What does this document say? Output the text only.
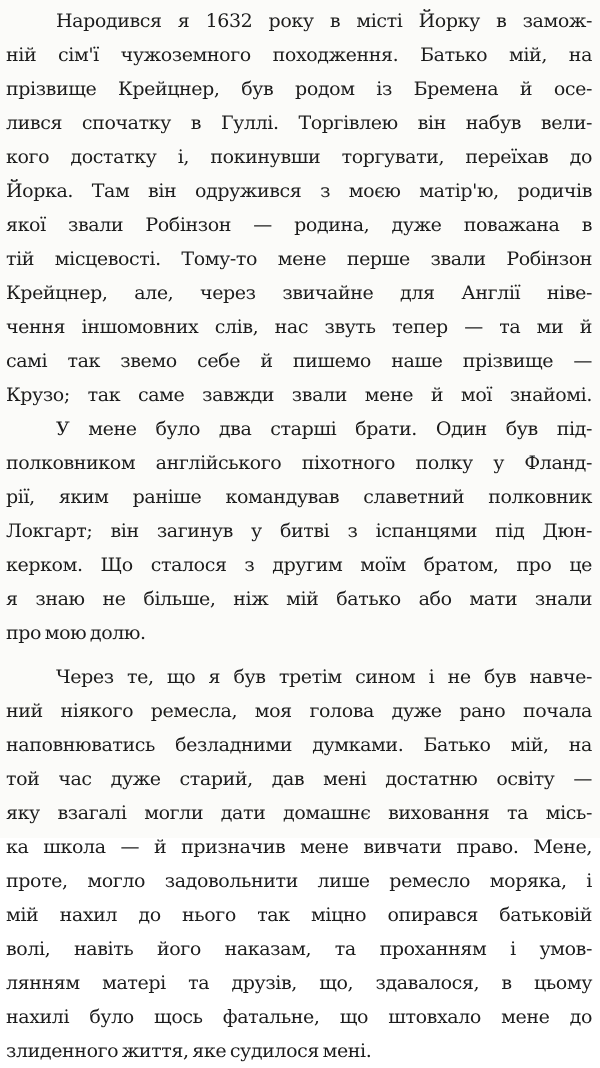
Народився я 1632 року в місті Йорку в замож-
ній сім'ї чужоземного походження. Батько мій, на
прізвище Крейцнер, був родом із Бремена й осе-
лився спочатку в Гуллі. Торгівлею він набув вели-
кого достатку і, покинувши торгувати, переїхав до
Йорка. Там він одружився з моєю матір'ю, родичів
якої звали Робінзон — родина, дуже поважана в
тій місцевості. Тому-то мене перше звали Робінзон
Крейцнер, але, через звичайне для Англії ніве-
чення іншомовних слів, нас звуть тепер — та ми й
самі так звемо себе й пишемо наше прізвище —
Крузо; так саме завжди звали мене й мої знайомі.
У мене було два старші брати. Один був під-
полковником англійського піхотного полку у Фланд-
рії, яким раніше командував славетний полковник
Локгарт; він загинув у битві з іспанцями під Дюн-
керком. Що сталося з другим моїм братом, про це
я знаю не більше, ніж мій батько або мати знали
про мою долю.
Через те, що я був третім сином і не був навче-
ний ніякого ремесла, моя голова дуже рано почала
наповнюватись безладними думками. Батько мій, на
той час дуже старий, дав мені достатню освіту —
яку взагалі могли дати домашнє виховання та місь-
ка школа — й призначив мене вивчати право. Мене,
проте, могло задовольнити лише ремесло моряка, і
мій нахил до нього так міцно опирався батьковій
волі, навіть його наказам, та проханням і умов-
лянням матері та друзів, що, здавалося, в цьому
нахилі було щось фатальне, що штовхало мене до
злиденного життя, яке судилося мені.
